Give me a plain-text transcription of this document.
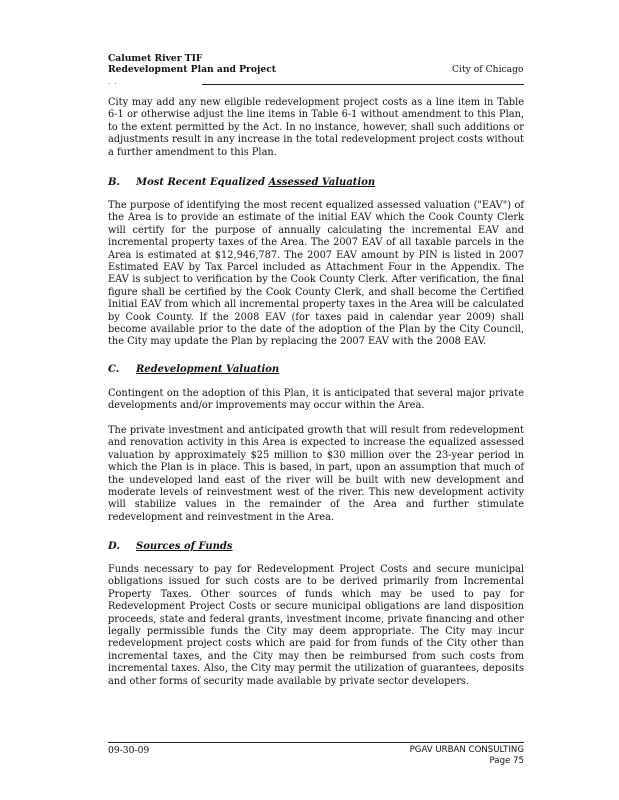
Calumet River TIF
Redevelopment Plan and Project	City of Chicago
. .

City may add any new eligible redevelopment project costs as a line item in Table 6-1 or otherwise adjust the line items in Table 6-1 without amendment to this Plan, to the extent permitted by the Act. In no instance, however, shall such additions or adjustments result in any increase in the total redevelopment project costs without a further amendment to this Plan.

B. Most Recent Equalized Assessed Valuation

The purpose of identifying the most recent equalized assessed valuation ("EAV") of the Area is to provide an estimate of the initial EAV which the Cook County Clerk will certify for the purpose of annually calculating the incremental EAV and incremental property taxes of the Area. The 2007 EAV of all taxable parcels in the Area is estimated at $12,946,787. The 2007 EAV amount by PIN is listed in 2007 Estimated EAV by Tax Parcel included as Attachment Four in the Appendix. The EAV is subject to verification by the Cook County Clerk. After verification, the final figure shall be certified by the Cook County Clerk, and shall become the Certified Initial EAV from which all incremental property taxes in the Area will be calculated by Cook County. If the 2008 EAV (for taxes paid in calendar year 2009) shall become available prior to the date of the adoption of the Plan by the City Council, the City may update the Plan by replacing the 2007 EAV with the 2008 EAV.

C. Redevelopment Valuation

Contingent on the adoption of this Plan, it is anticipated that several major private developments and/or improvements may occur within the Area.

The private investment and anticipated growth that will result from redevelopment and renovation activity in this Area is expected to increase the equalized assessed valuation by approximately $25 million to $30 million over the 23-year period in which the Plan is in place. This is based, in part, upon an assumption that much of the undeveloped land east of the river will be built with new development and moderate levels of reinvestment west of the river. This new development activity will stabilize values in the remainder of the Area and further stimulate redevelopment and reinvestment in the Area.

D. Sources of Funds

Funds necessary to pay for Redevelopment Project Costs and secure municipal obligations issued for such costs are to be derived primarily from Incremental Property Taxes. Other sources of funds which may be used to pay for Redevelopment Project Costs or secure municipal obligations are land disposition proceeds, state and federal grants, investment income, private financing and other legally permissible funds the City may deem appropriate. The City may incur redevelopment project costs which are paid for from funds of the City other than incremental taxes, and the City may then be reimbursed from such costs from incremental taxes. Also, the City may permit the utilization of guarantees, deposits and other forms of security made available by private sector developers.

09-30-09	PGAV URBAN CONSULTING
Page 75
